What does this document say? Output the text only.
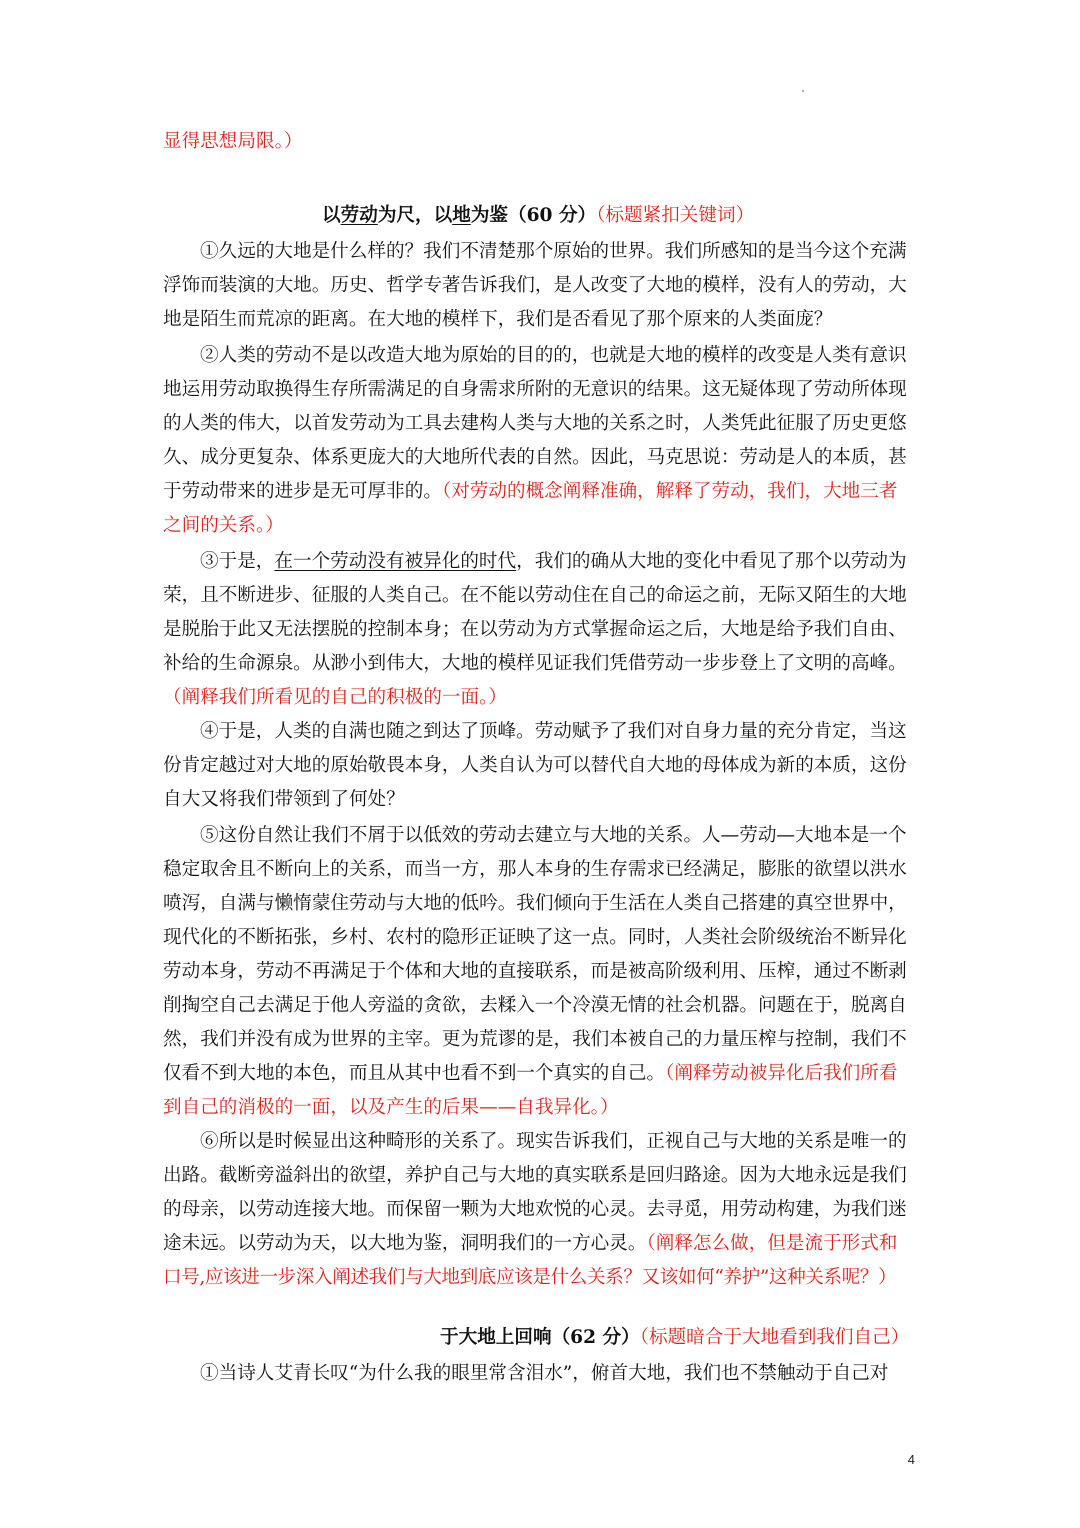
显得思想局限。）

以劳动为尺，以地为鉴（60 分）（标题紧扣关键词）

①久远的大地是什么样的？我们不清楚那个原始的世界。我们所感知的是当今这个充满

浮饰而装演的大地。历史、哲学专著告诉我们，是人改变了大地的模样，没有人的劳动，大

地是陌生而荒凉的距离。在大地的模样下，我们是否看见了那个原来的人类面庞？

②人类的劳动不是以改造大地为原始的目的的，也就是大地的模样的改变是人类有意识

地运用劳动取换得生存所需满足的自身需求所附的无意识的结果。这无疑体现了劳动所体现

的人类的伟大，以首发劳动为工具去建构人类与大地的关系之时，人类凭此征服了历史更悠

久、成分更复杂、体系更庞大的大地所代表的自然。因此，马克思说：劳动是人的本质，甚

于劳动带来的进步是无可厚非的。（对劳动的概念阐释准确，解释了劳动，我们，大地三者

之间的关系。）

③于是，在一个劳动没有被异化的时代，我们的确从大地的变化中看见了那个以劳动为

荣，且不断进步、征服的人类自己。在不能以劳动住在自己的命运之前，无际又陌生的大地

是脱胎于此又无法摆脱的控制本身；在以劳动为方式掌握命运之后，大地是给予我们自由、

补给的生命源泉。从渺小到伟大，大地的模样见证我们凭借劳动一步步登上了文明的高峰。

（阐释我们所看见的自己的积极的一面。）

④于是，人类的自满也随之到达了顶峰。劳动赋予了我们对自身力量的充分肯定，当这

份肯定越过对大地的原始敬畏本身，人类自认为可以替代自大地的母体成为新的本质，这份

自大又将我们带领到了何处？

⑤这份自然让我们不屑于以低效的劳动去建立与大地的关系。人—劳动—大地本是一个

稳定取舍且不断向上的关系，而当一方，那人本身的生存需求已经满足，膨胀的欲望以洪水

喷泻，自满与懒惰蒙住劳动与大地的低吟。我们倾向于生活在人类自己搭建的真空世界中，

现代化的不断拓张，乡村、农村的隐形正证映了这一点。同时，人类社会阶级统治不断异化

劳动本身，劳动不再满足于个体和大地的直接联系，而是被高阶级利用、压榨，通过不断剥

削掏空自己去满足于他人旁溢的贪欲，去糅入一个冷漠无情的社会机器。问题在于，脱离自

然，我们并没有成为世界的主宰。更为荒谬的是，我们本被自己的力量压榨与控制，我们不

仅看不到大地的本色，而且从其中也看不到一个真实的自己。（阐释劳动被异化后我们所看

到自己的消极的一面，以及产生的后果——自我异化。）

⑥所以是时候显出这种畸形的关系了。现实告诉我们，正视自己与大地的关系是唯一的

出路。截断旁溢斜出的欲望，养护自己与大地的真实联系是回归路途。因为大地永远是我们

的母亲，以劳动连接大地。而保留一颗为大地欢悦的心灵。去寻觅，用劳动构建，为我们迷

途未远。以劳动为天，以大地为鉴，洞明我们的一方心灵。（阐释怎么做，但是流于形式和

口号,应该进一步深入阐述我们与大地到底应该是什么关系？又该如何“养护”这种关系呢？）

于大地上回响（62 分）（标题暗合于大地看到我们自己）

①当诗人艾青长叹“为什么我的眼里常含泪水”，俯首大地，我们也不禁触动于自己对

4
